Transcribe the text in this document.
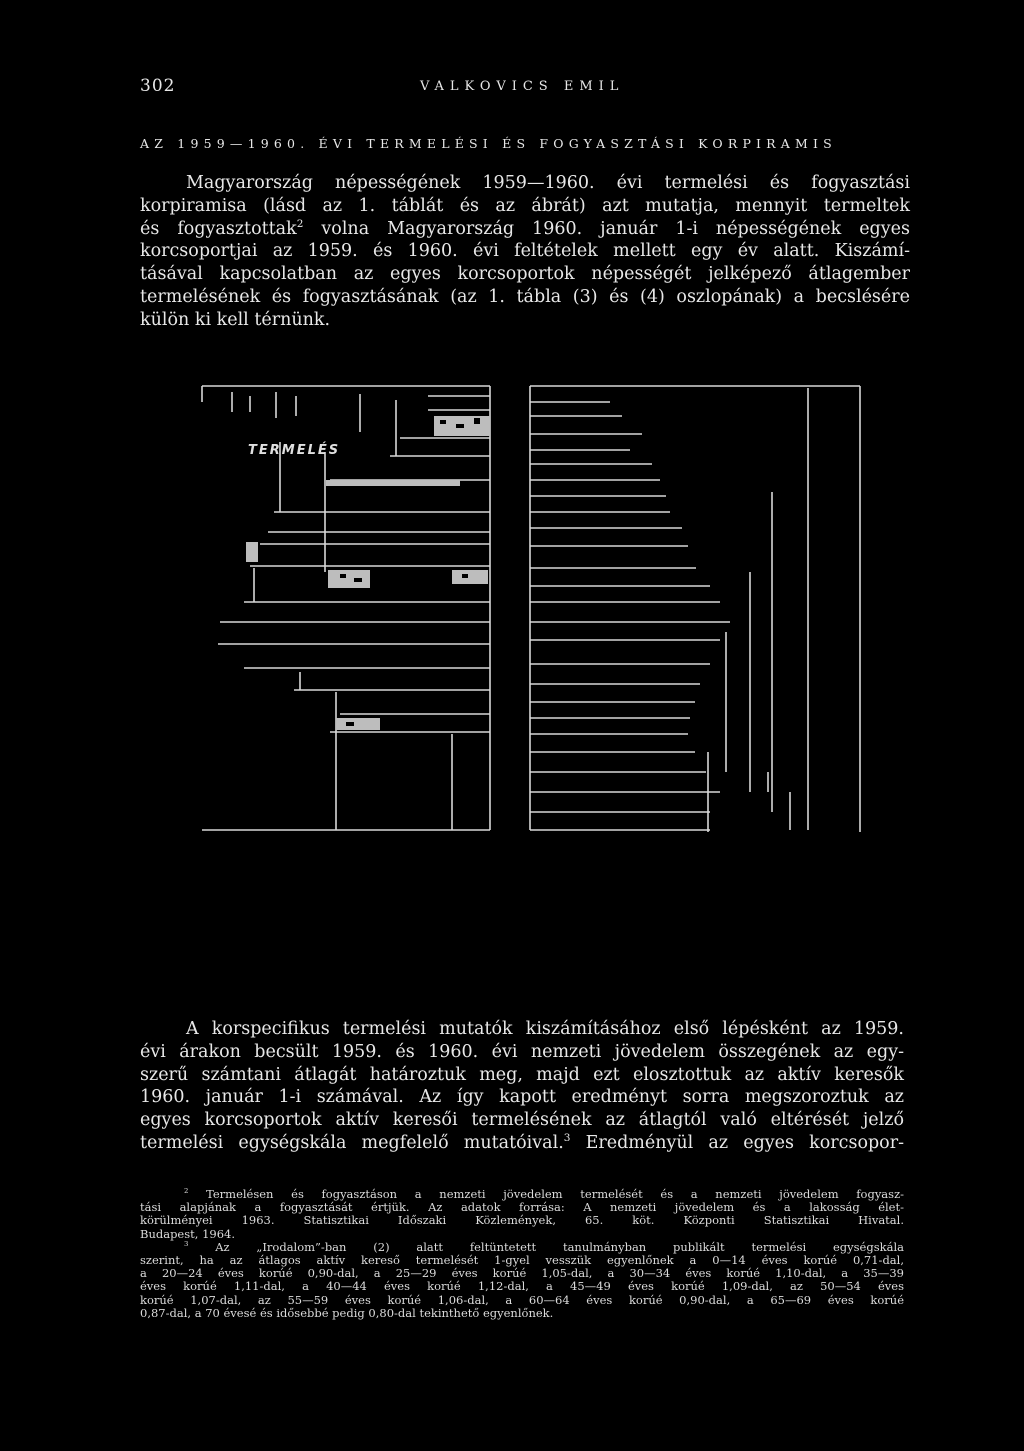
302	VALKOVICS EMIL
AZ 1959—1960. ÉVI TERMELÉSI ÉS FOGYASZTÁSI KORPIRAMIS
Magyarország népességének 1959—1960. évi termelési és fogyasztási
korpiramisa (lásd az 1. táblát és az ábrát) azt mutatja, mennyit termeltek
és fogyasztottak$^2$ volna Magyarország 1960. január 1-i népességének egyes
korcsoportjai az 1959. és 1960. évi feltételek mellett egy év alatt. Kiszámí-
tásával kapcsolatban az egyes korcsoportok népességét jelképező átlagember
termelésének és fogyasztásának (az 1. tábla (3) és (4) oszlopának) a becslésére
külön ki kell térnünk.
TERMELÉS
A korspecifikus termelési mutatók kiszámításához első lépésként az 1959.
évi árakon becsült 1959. és 1960. évi nemzeti jövedelem összegének az egy-
szerű számtani átlagát határoztuk meg, majd ezt elosztottuk az aktív keresők
1960. január 1-i számával. Az így kapott eredményt sorra megszoroztuk az
egyes korcsoportok aktív keresői termelésének az átlagtól való eltérését jelző
termelési egységskála megfelelő mutatóival.$^3$ Eredményül az egyes korcsopor-
$^2$ Termelésen és fogyasztáson a nemzeti jövedelem termelését és a nemzeti jövedelem fogyasz-
tási alapjának a fogyasztását értjük. Az adatok forrása: A nemzeti jövedelem és a lakosság élet-
körülményei 1963. Statisztikai Időszaki Közlemények, 65. köt. Központi Statisztikai Hivatal.
Budapest, 1964.
$^3$ Az „Irodalom”-ban (2) alatt feltüntetett tanulmányban publikált termelési egységskála
szerint, ha az átlagos aktív kereső termelését 1-gyel vesszük egyenlőnek a 0—14 éves korúé 0,71-dal,
a 20—24 éves korúé 0,90-dal, a 25—29 éves korúé 1,05-dal, a 30—34 éves korúé 1,10-dal, a 35—39
éves korúé 1,11-dal, a 40—44 éves korúé 1,12-dal, a 45—49 éves korúé 1,09-dal, az 50—54 éves
korúé 1,07-dal, az 55—59 éves korúé 1,06-dal, a 60—64 éves korúé 0,90-dal, a 65—69 éves korúé
0,87-dal, a 70 évesé és idősebbé pedig 0,80-dal tekinthető egyenlőnek.
